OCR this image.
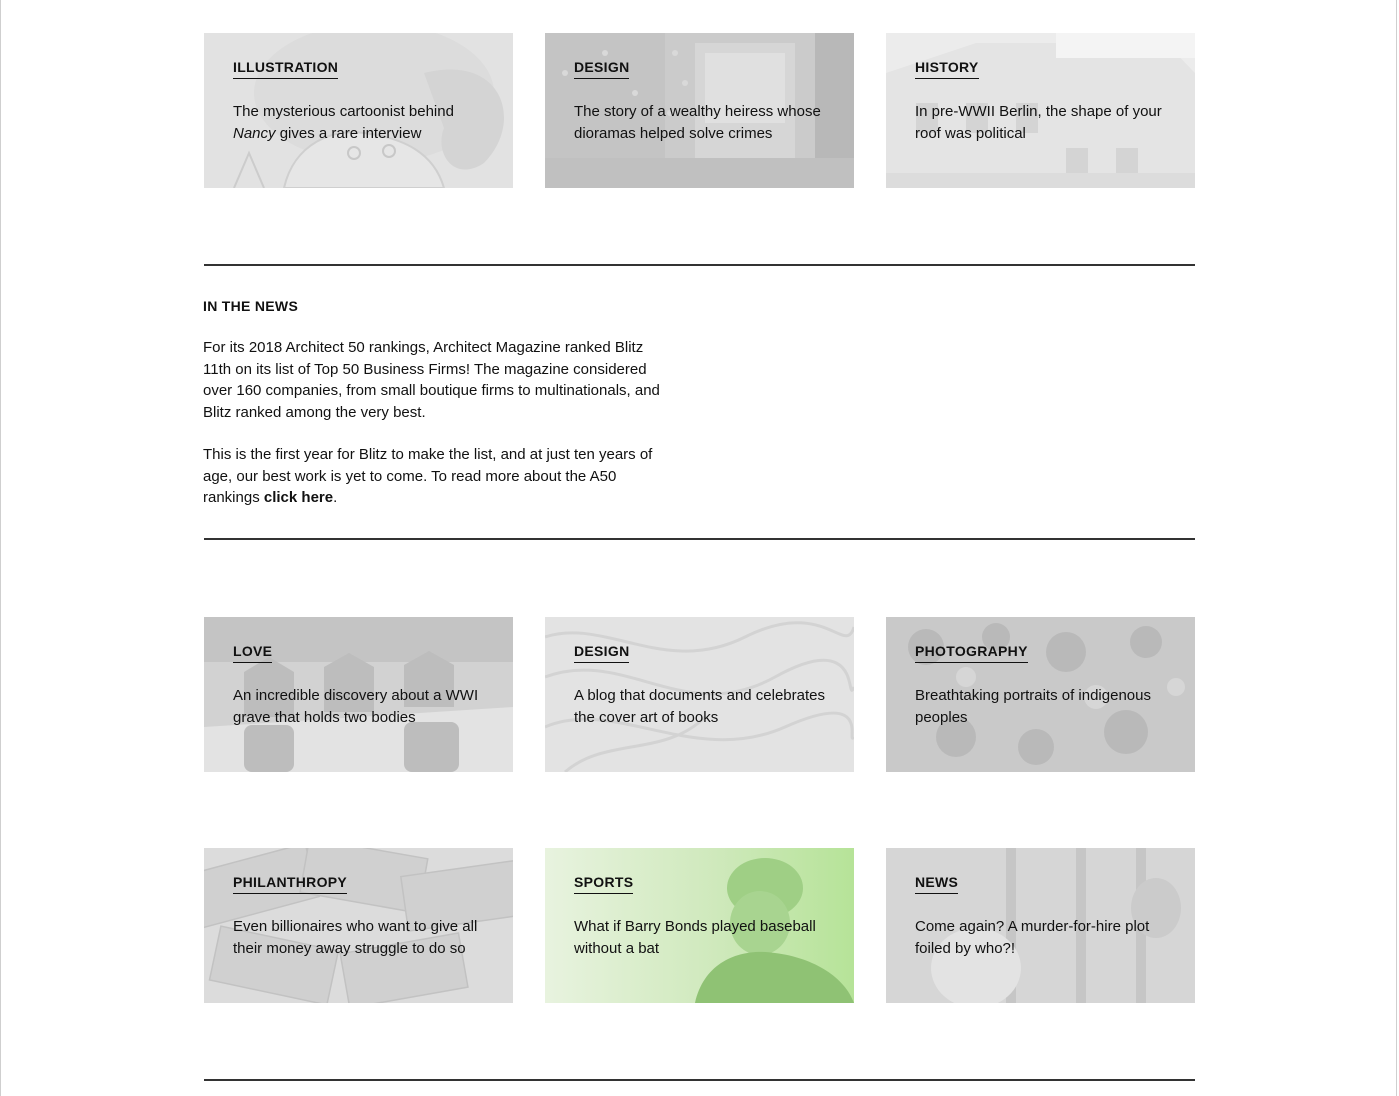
ILLUSTRATION
The mysterious cartoonist behind Nancy gives a rare interview
DESIGN
The story of a wealthy heiress whose dioramas helped solve crimes
HISTORY
In pre-WWII Berlin, the shape of your roof was political
IN THE NEWS

For its 2018 Architect 50 rankings, Architect Magazine ranked Blitz 11th on its list of Top 50 Business Firms! The magazine considered over 160 companies, from small boutique firms to multinationals, and Blitz ranked among the very best.

This is the first year for Blitz to make the list, and at just ten years of age, our best work is yet to come. To read more about the A50 rankings click here.

LOVE
An incredible discovery about a WWI grave that holds two bodies
DESIGN
A blog that documents and celebrates the cover art of books
PHOTOGRAPHY
Breathtaking portraits of indigenous peoples
PHILANTHROPY
Even billionaires who want to give all their money away struggle to do so
SPORTS
What if Barry Bonds played baseball without a bat
NEWS
Come again? A murder-for-hire plot foiled by who?!
